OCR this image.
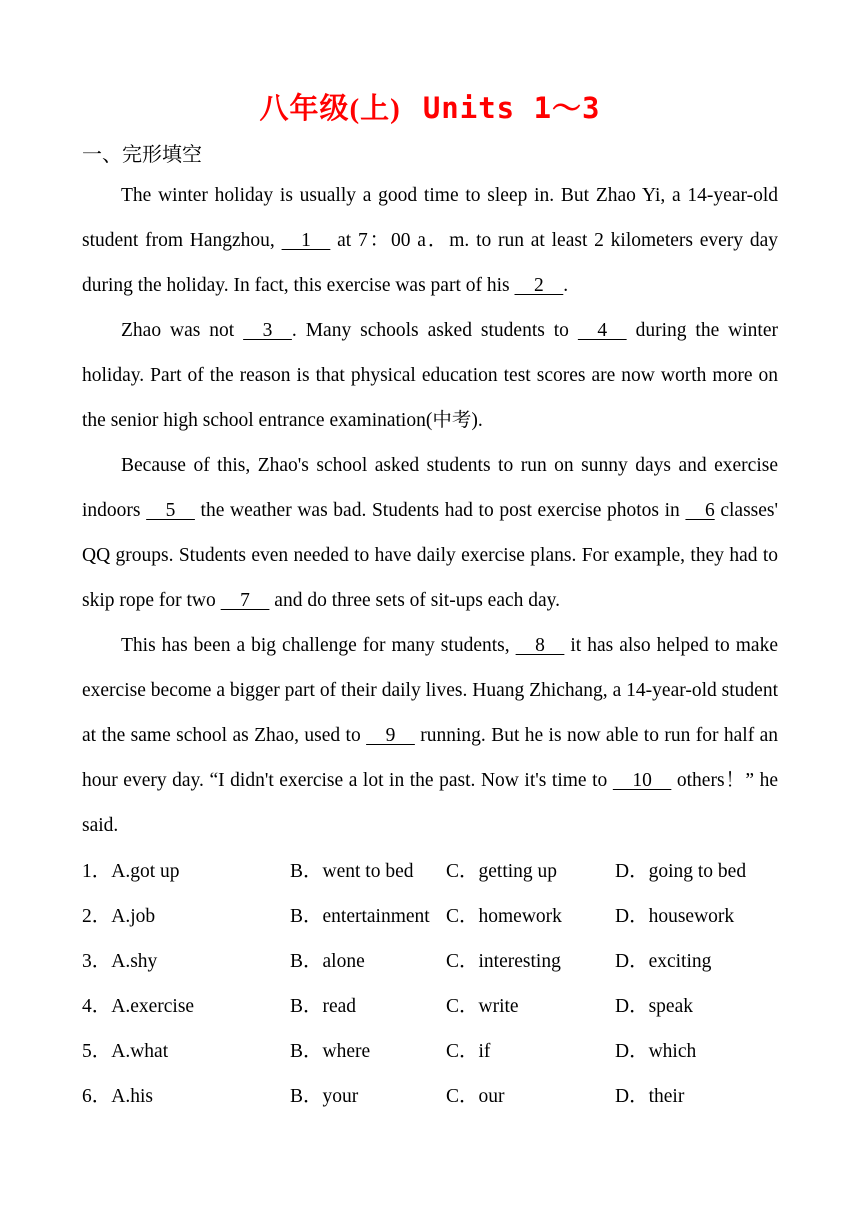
八年级(上) Units 1～3
一、完形填空

The winter holiday is usually a good time to sleep in. But Zhao Yi, a 14-year-old student from Hangzhou, 　1　 at 7：00 a．m. to run at least 2 kilometers every day during the holiday. In fact, this exercise was part of his 　2　.

Zhao was not 　3　. Many schools asked students to 　4　 during the winter holiday. Part of the reason is that physical education test scores are now worth more on the senior high school entrance examination(中考).

Because of this, Zhao's school asked students to run on sunny days and exercise indoors 　5　 the weather was bad. Students had to post exercise photos in 　6 classes' QQ groups. Students even needed to have daily exercise plans. For example, they had to skip rope for two 　7　 and do three sets of sit-ups each day.

This has been a big challenge for many students, 　8　 it has also helped to make exercise become a bigger part of their daily lives. Huang Zhichang, a 14-year-old student at the same school as Zhao, used to 　9　 running. But he is now able to run for half an hour every day. “I didn't exercise a lot in the past. Now it's time to 　10　 others！” he said.

1．A.got up	B．went to bed C．getting up	D．going to bed
2．A.job	B．entertainment C．homework	D．housework
3．A.shy	B．alone	C．interesting	D．exciting
4．A.exercise	B．read	C．write	D．speak
5．A.what	B．where	C．if	D．which
6．A.his	B．your	C．our	D．their
